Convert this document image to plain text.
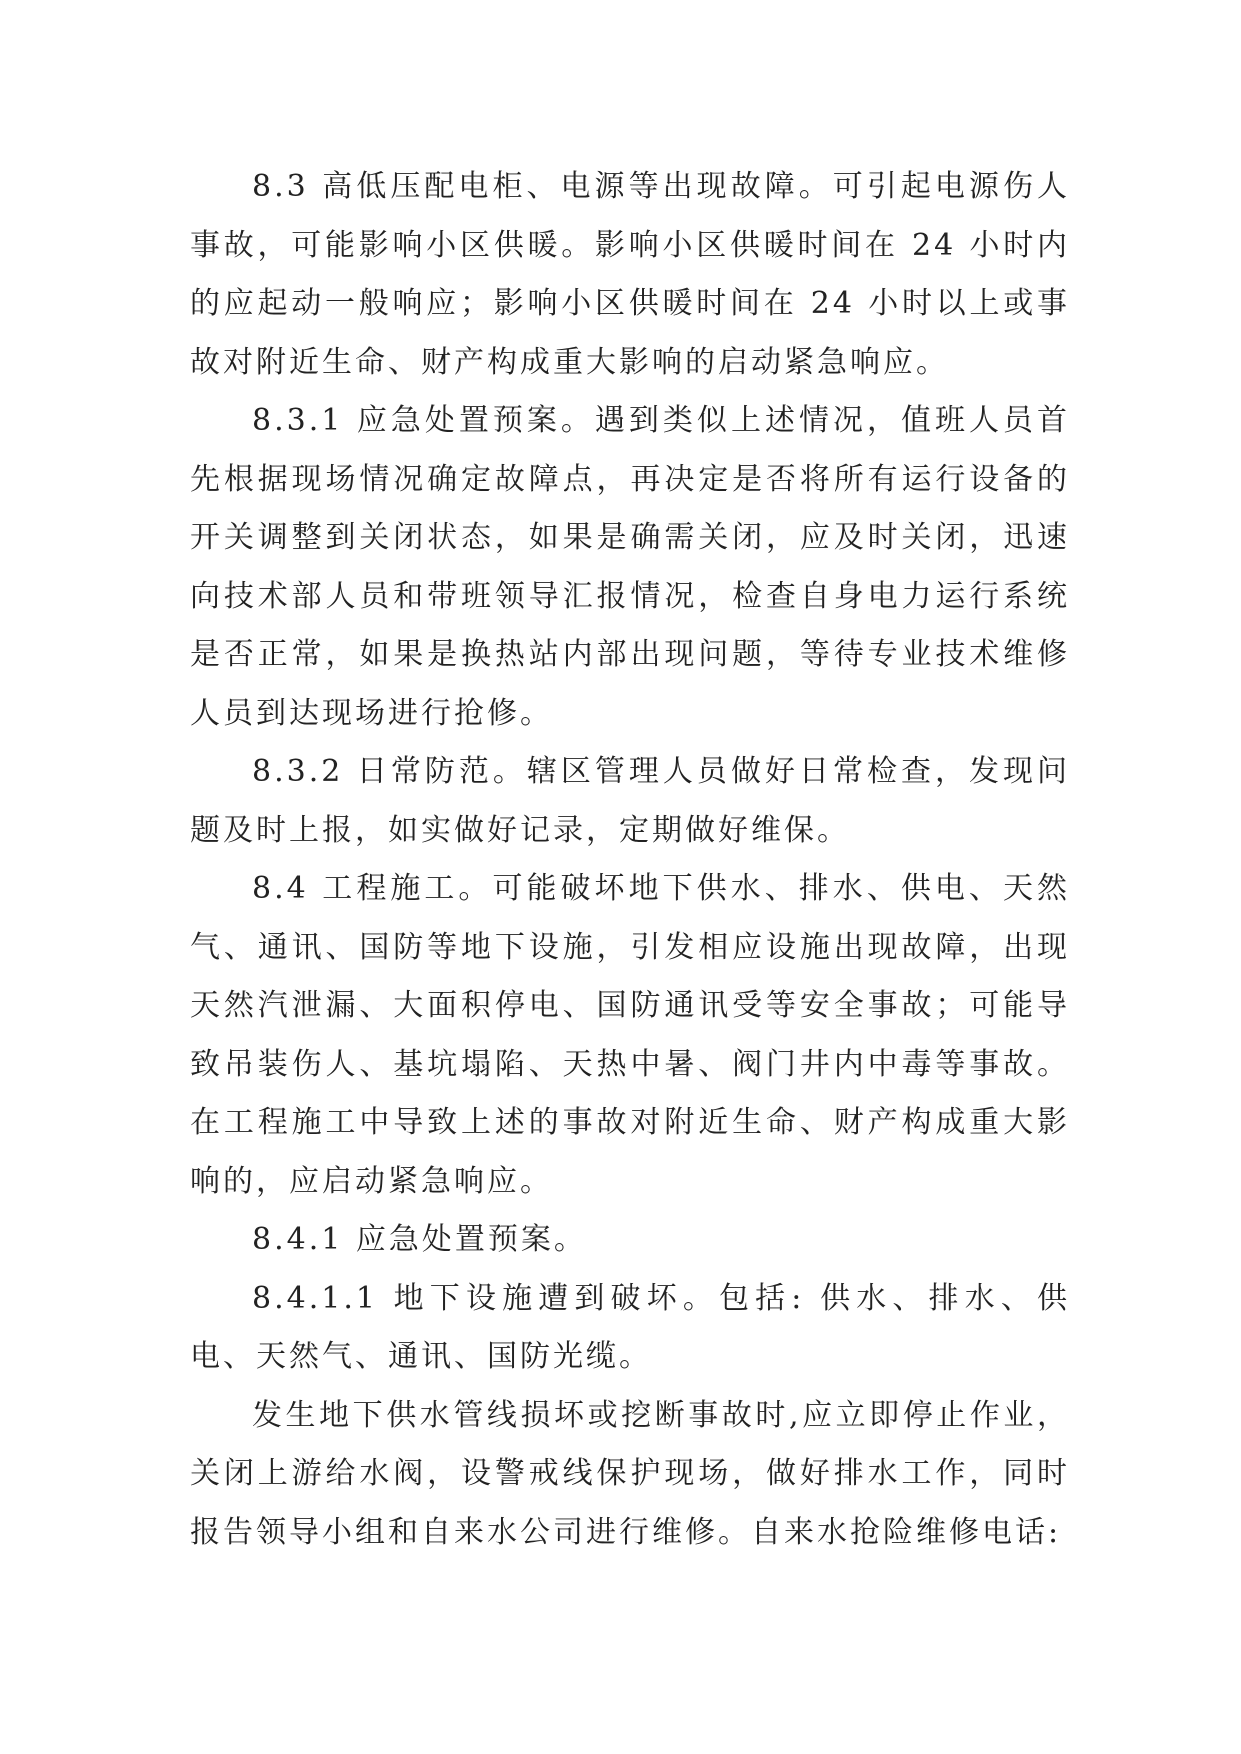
8.3 高低压配电柜、电源等出现故障。可引起电源伤人事故，可能影响小区供暖。影响小区供暖时间在 24 小时内的应起动一般响应；影响小区供暖时间在 24 小时以上或事故对附近生命、财产构成重大影响的启动紧急响应。

8.3.1 应急处置预案。遇到类似上述情况，值班人员首先根据现场情况确定故障点，再决定是否将所有运行设备的开关调整到关闭状态，如果是确需关闭，应及时关闭，迅速向技术部人员和带班领导汇报情况，检查自身电力运行系统是否正常，如果是换热站内部出现问题，等待专业技术维修人员到达现场进行抢修。

8.3.2 日常防范。辖区管理人员做好日常检查，发现问题及时上报，如实做好记录，定期做好维保。

8.4 工程施工。可能破坏地下供水、排水、供电、天然气、通讯、国防等地下设施，引发相应设施出现故障，出现天然汽泄漏、大面积停电、国防通讯受等安全事故；可能导致吊装伤人、基坑塌陷、天热中暑、阀门井内中毒等事故。在工程施工中导致上述的事故对附近生命、财产构成重大影响的，应启动紧急响应。

8.4.1 应急处置预案。

8.4.1.1 地下设施遭到破坏。包括: 供水、排水、供电、天然气、通讯、国防光缆。

发生地下供水管线损坏或挖断事故时,应立即停止作业，关闭上游给水阀，设警戒线保护现场，做好排水工作，同时报告领导小组和自来水公司进行维修。自来水抢险维修电话:
